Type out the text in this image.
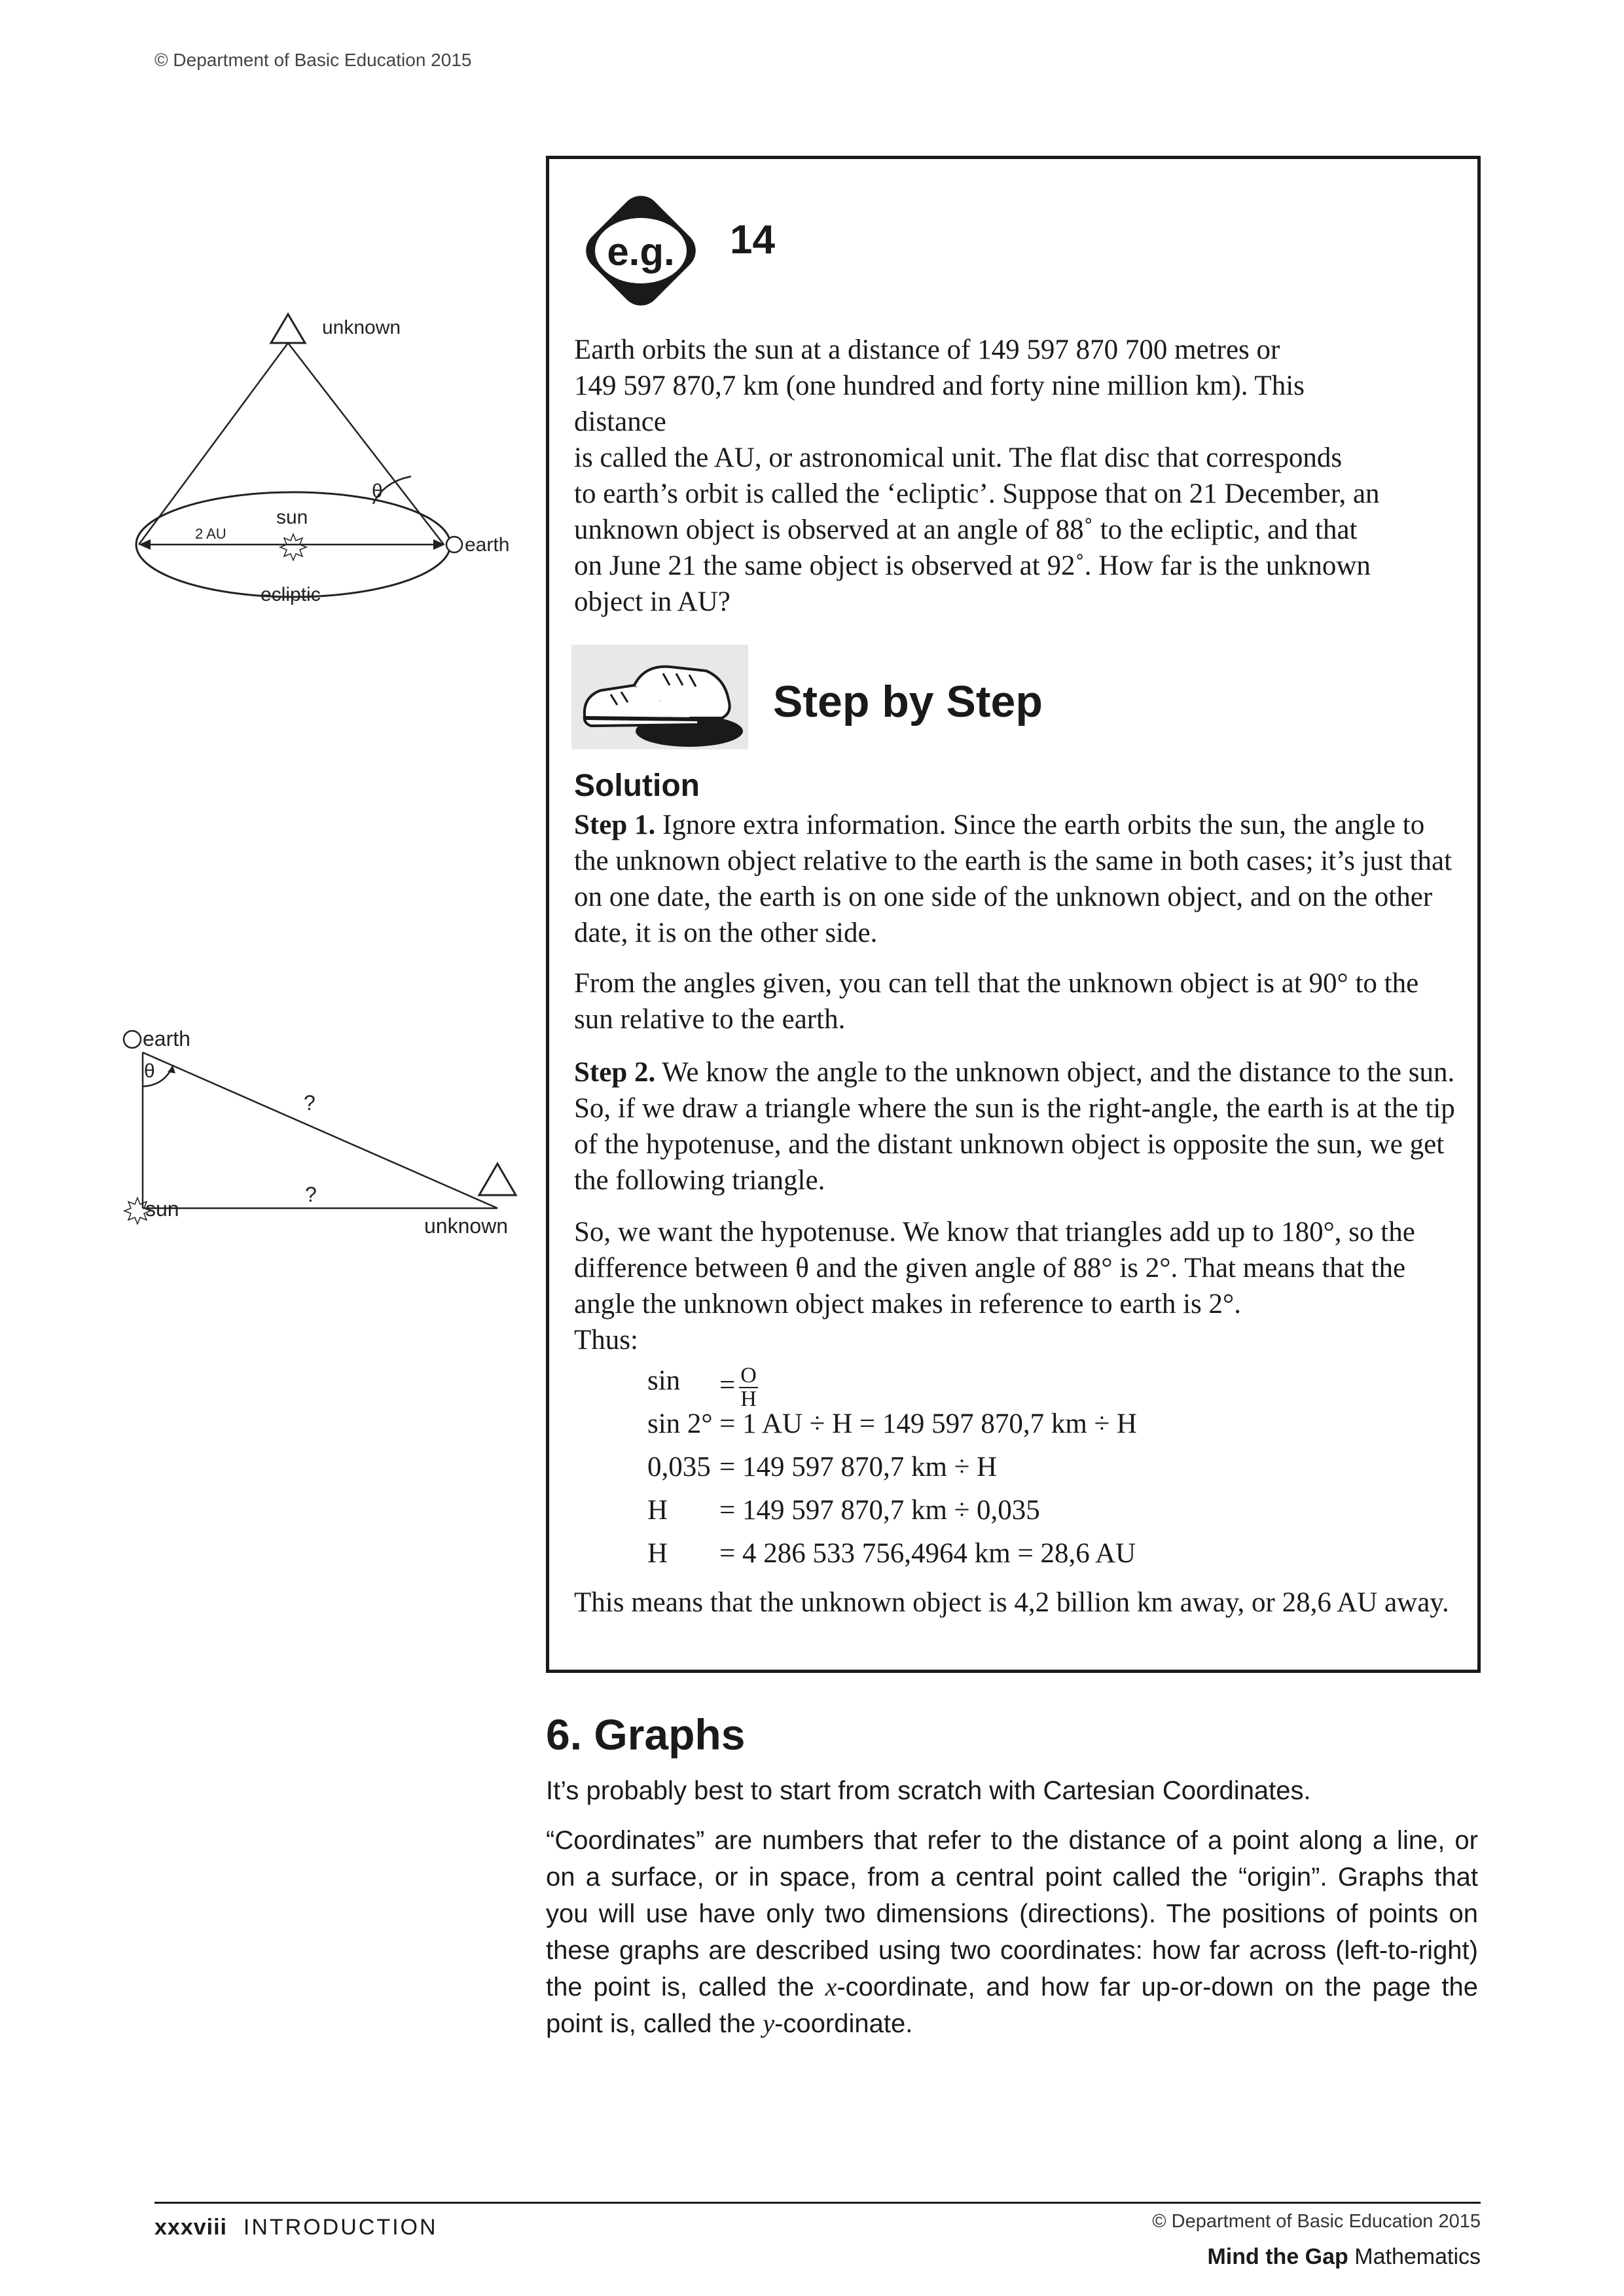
© Department of Basic Education 2015
unknown
θ
sun
2 AU
earth
ecliptic
earth
θ
?
?
sun
unknown
e.g. 14
Earth orbits the sun at a distance of 149 597 870 700 metres or
149 597 870,7 km (one hundred and forty nine million km). This
distance
is called the AU, or astronomical unit. The flat disc that corresponds
to earth’s orbit is called the ‘ecliptic’. Suppose that on 21 December, an
unknown object is observed at an angle of 88˚ to the ecliptic, and that
on June 21 the same object is observed at 92˚. How far is the unknown
object in AU?
Step by Step
Solution

Step 1. Ignore extra information. Since the earth orbits the sun, the angle to the unknown object relative to the earth is the same in both cases; it’s just that on one date, the earth is on one side of the unknown object, and on the other date, it is on the other side.

From the angles given, you can tell that the unknown object is at 90° to the sun relative to the earth.

Step 2. We know the angle to the unknown object, and the distance to the sun. So, if we draw a triangle where the sun is the right-angle, the earth is at the tip of the hypotenuse, and the distant unknown object is opposite the sun, we get the following triangle.

So, we want the hypotenuse. We know that triangles add up to 180°, so the difference between θ and the given angle of 88° is 2°. That means that the angle the unknown object makes in reference to earth is 2°.

Thus:

$\sin = \frac{O}{H}$
sin 2° = 1 AU ÷ H = 149 597 870,7 km ÷ H
0,035 = 149 597 870,7 km ÷ H
H = 149 597 870,7 km ÷ 0,035
H = 4 286 533 756,4964 km = 28,6 AU
This means that the unknown object is 4,2 billion km away, or 28,6 AU away.
6. Graphs
It’s probably best to start from scratch with Cartesian Coordinates.
“Coordinates” are numbers that refer to the distance of a point along a line, or on a surface, or in space, from a central point called the “origin”. Graphs that you will use have only two dimensions (directions). The positions of points on these graphs are described using two coordinates: how far across (left-to-right) the point is, called the x-coordinate, and how far up-or-down on the page the point is, called the y-coordinate.
xxxviii INTRODUCTION	© Department of Basic Education 2015
Mind the Gap Mathematics
